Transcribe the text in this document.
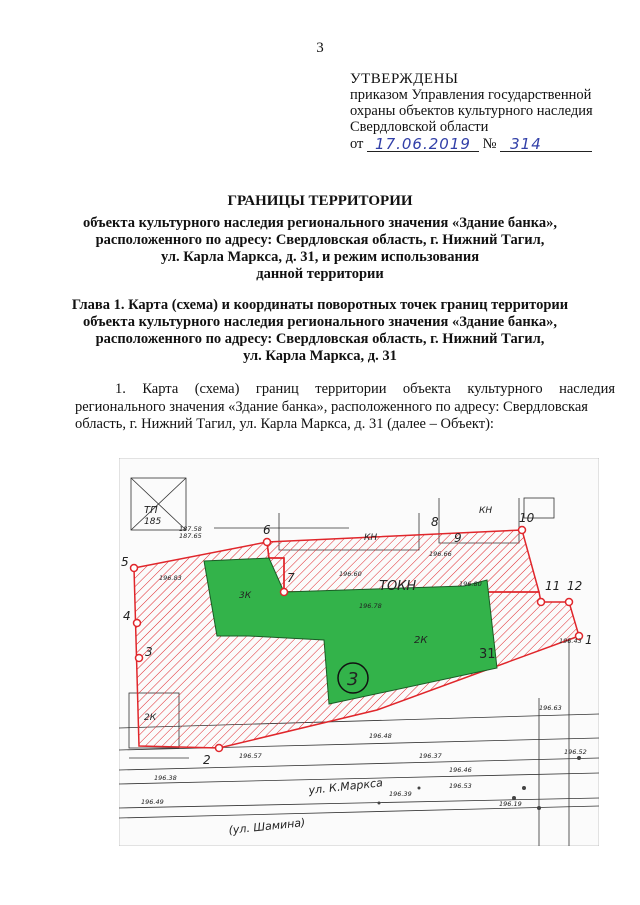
3
УТВЕРЖДЕНЫ
приказом Управления государственной
охраны объектов культурного наследия
Свердловской области
от 17.06.2019 № 314
ГРАНИЦЫ ТЕРРИТОРИИ
объекта культурного наследия регионального значения «Здание банка»,
расположенного по адресу: Свердловская область, г. Нижний Тагил,
ул. Карла Маркса, д. 31, и режим использования
данной территории
Глава 1. Карта (схема) и координаты поворотных точек границ территории
объекта культурного наследия регионального значения «Здание банка»,
расположенного по адресу: Свердловская область, г. Нижний Тагил,
ул. Карла Маркса, д. 31
1. Карта (схема) границ территории объекта культурного наследия
регионального значения «Здание банка», расположенного по адресу: Свердловская
область, г. Нижний Тагил, ул. Карла Маркса, д. 31 (далее – Объект):
1
2
3
4
5
6
7
8
9
10
11 12
ТОКН
ТП
185
КН
КН
2К
3К
2К
31
3
ул. К.Маркса
(ул. Шамина)
196.80
196.60
196.78
196.66
196.83
196.48
196.63
196.52
196.37
196.46
196.39
196.43
196.49
196.53
196.57
196.38
196.19
187.58
187.65
